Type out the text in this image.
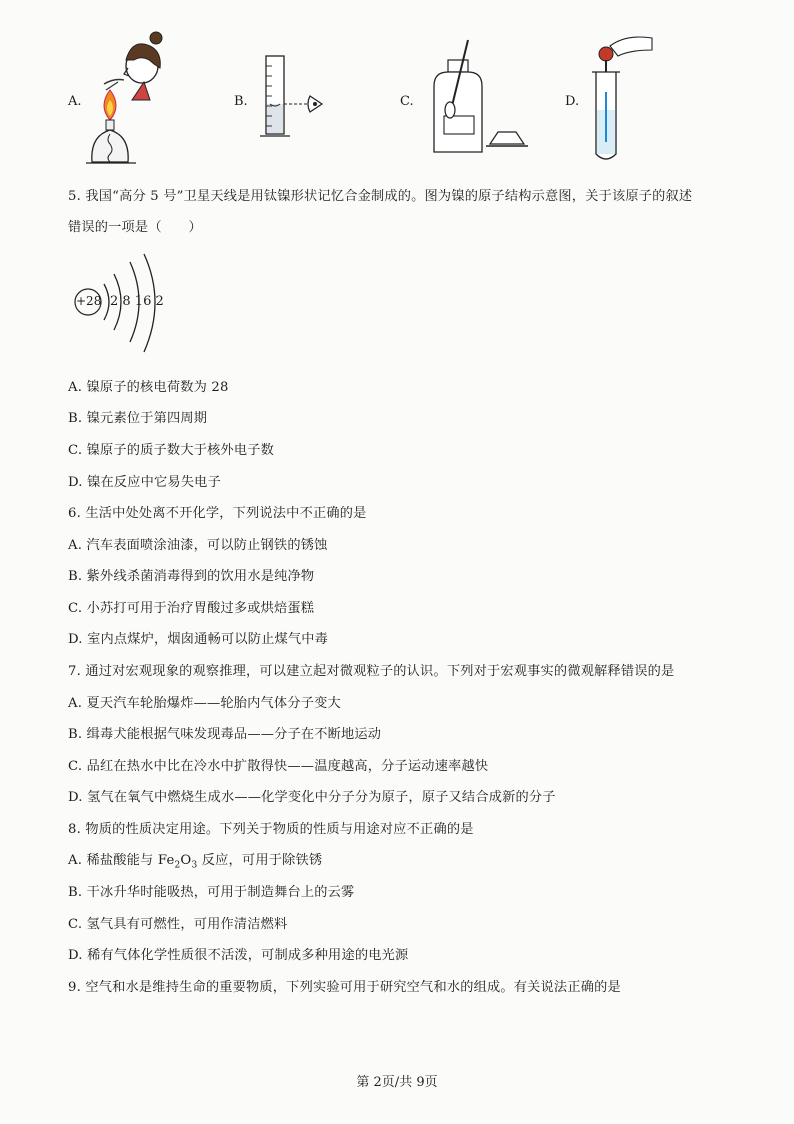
A.	B.	C.	D.
5. 我国“高分 5 号”卫星天线是用钛镍形状记忆合金制成的。图为镍的原子结构示意图，关于该原子的叙述
错误的一项是（　　）
+28 2 8 16 2
A. 镍原子的核电荷数为 28
B. 镍元素位于第四周期
C. 镍原子的质子数大于核外电子数
D. 镍在反应中它易失电子
6. 生活中处处离不开化学，下列说法中不正确的是
A. 汽车表面喷涂油漆，可以防止钢铁的锈蚀
B. 紫外线杀菌消毒得到的饮用水是纯净物
C. 小苏打可用于治疗胃酸过多或烘焙蛋糕
D. 室内点煤炉，烟囱通畅可以防止煤气中毒
7. 通过对宏观现象的观察推理，可以建立起对微观粒子的认识。下列对于宏观事实的微观解释错误的是
A. 夏天汽车轮胎爆炸——轮胎内气体分子变大
B. 缉毒犬能根据气味发现毒品——分子在不断地运动
C. 品红在热水中比在冷水中扩散得快——温度越高，分子运动速率越快
D. 氢气在氧气中燃烧生成水——化学变化中分子分为原子，原子又结合成新的分子
8. 物质的性质决定用途。下列关于物质的性质与用途对应不正确的是
A. 稀盐酸能与 $Fe_2O_3$ 反应，可用于除铁锈
B. 干冰升华时能吸热，可用于制造舞台上的云雾
C. 氢气具有可燃性，可用作清洁燃料
D. 稀有气体化学性质很不活泼，可制成多种用途的电光源
9. 空气和水是维持生命的重要物质，下列实验可用于研究空气和水的组成。有关说法正确的是
第 2页/共 9页
